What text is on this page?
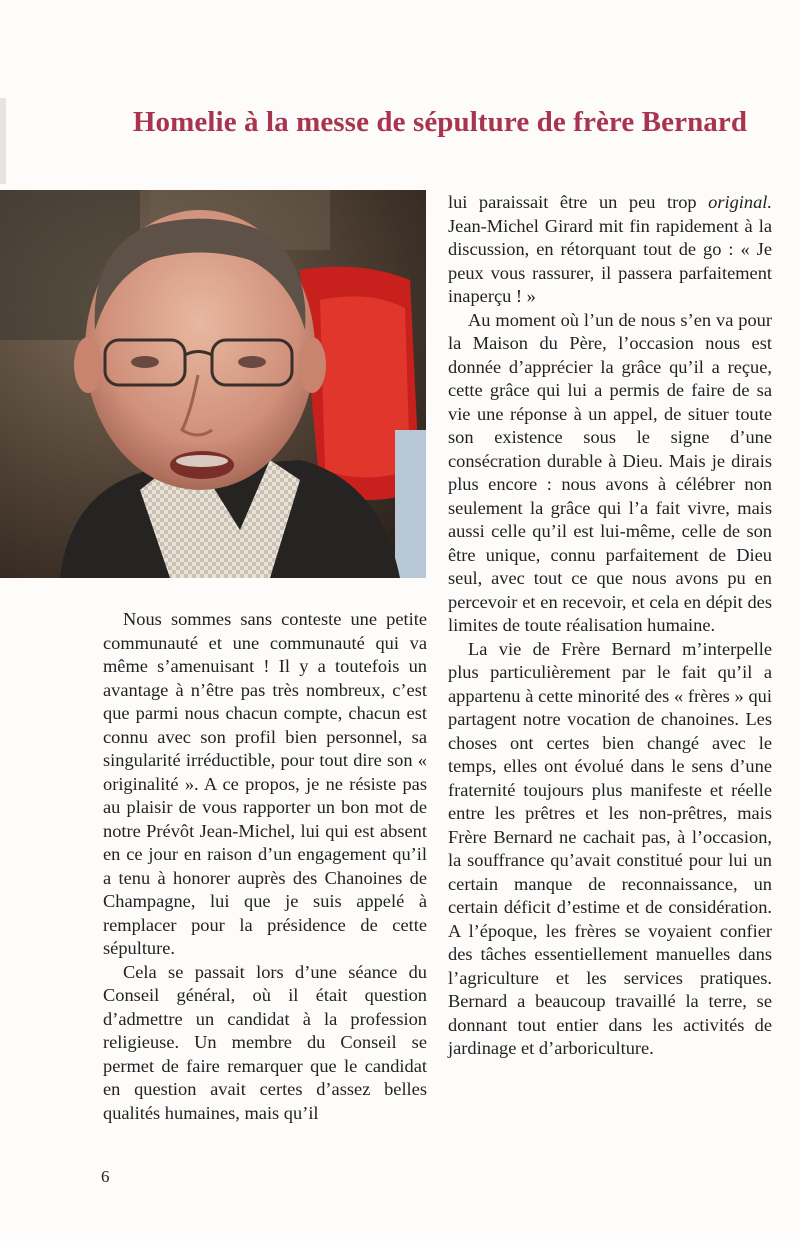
Homelie à la messe de sépulture de frère Bernard

Nous sommes sans conteste une petite communauté et une communauté qui va même s’amenuisant ! Il y a toutefois un avantage à n’être pas très nombreux, c’est que parmi nous chacun compte, chacun est connu avec son profil bien personnel, sa singularité irréductible, pour tout dire son « originalité ». A ce propos, je ne résiste pas au plaisir de vous rapporter un bon mot de notre Prévôt Jean-Michel, lui qui est absent en ce jour en raison d’un engagement qu’il a tenu à honorer auprès des Chanoines de Champagne, lui que je suis appelé à remplacer pour la présidence de cette sépulture.

Cela se passait lors d’une séance du Conseil général, où il était question d’admettre un candidat à la profession religieuse. Un membre du Conseil se permet de faire remarquer que le candidat en question avait certes d’assez belles qualités humaines, mais qu’il

lui paraissait être un peu trop original. Jean-Michel Girard mit fin rapidement à la discussion, en rétorquant tout de go : « Je peux vous rassurer, il passera parfaitement inaperçu ! »

Au moment où l’un de nous s’en va pour la Maison du Père, l’occasion nous est donnée d’apprécier la grâce qu’il a reçue, cette grâce qui lui a permis de faire de sa vie une réponse à un appel, de situer toute son existence sous le signe d’une consécration durable à Dieu. Mais je dirais plus encore : nous avons à célébrer non seulement la grâce qui l’a fait vivre, mais aussi celle qu’il est lui-même, celle de son être unique, connu parfaitement de Dieu seul, avec tout ce que nous avons pu en percevoir et en recevoir, et cela en dépit des limites de toute réalisation humaine.

La vie de Frère Bernard m’interpelle plus particulièrement par le fait qu’il a appartenu à cette minorité des « frères » qui partagent notre vocation de chanoines. Les choses ont certes bien changé avec le temps, elles ont évolué dans le sens d’une fraternité toujours plus manifeste et réelle entre les prêtres et les non-prêtres, mais Frère Bernard ne cachait pas, à l’occasion, la souffrance qu’avait constitué pour lui un certain manque de reconnaissance, un certain déficit d’estime et de considération. A l’époque, les frères se voyaient confier des tâches essentiellement manuelles dans l’agriculture et les services pratiques. Bernard a beaucoup travaillé la terre, se donnant tout entier dans les activités de jardinage et d’arboriculture.

6
